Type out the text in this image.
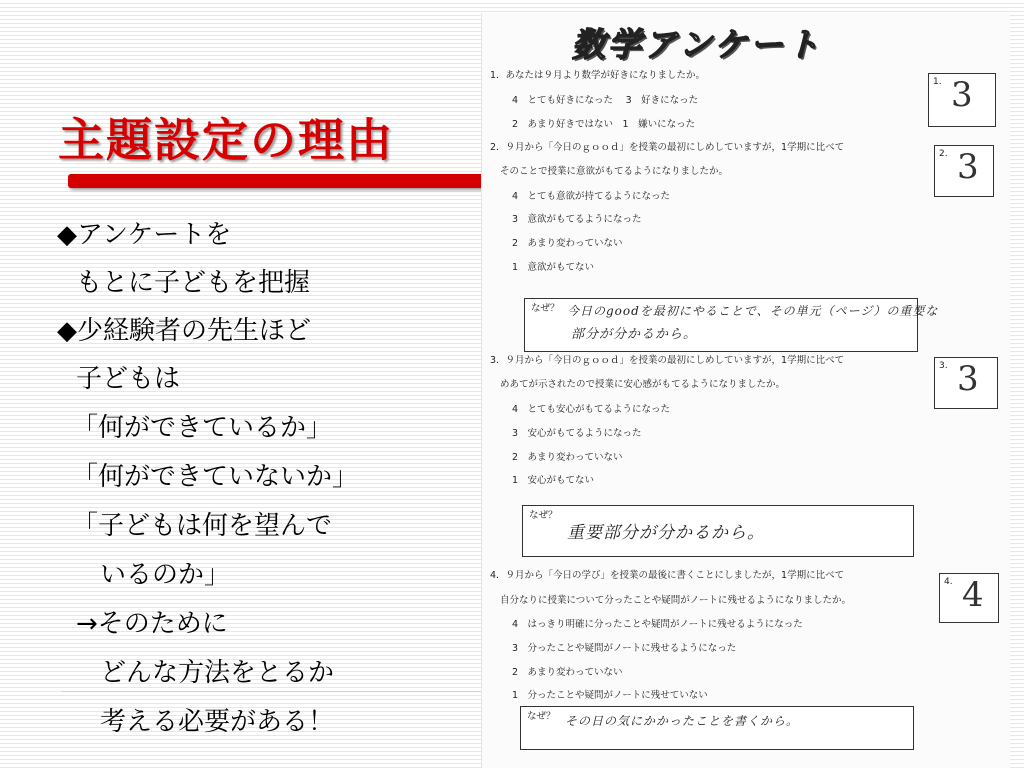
主題設定の理由
◆アンケートを
もとに子どもを把握
◆少経験者の先生ほど
子どもは
「何ができているか」
「何ができていないか」
「子どもは何を望んで
いるのか」
→そのために
どんな方法をとるか
考える必要がある！
数学アンケート
1．あなたは９月より数学が好きになりましたか。
4　とても好きになった　 3　好きになった
2　あまり好きではない　1　嫌いになった
1. 3
2．９月から「今日のｇｏｏｄ」を授業の最初にしめしていますが，1学期に比べて
そのことで授業に意欲がもてるようになりましたか。
4　とても意欲が持てるようになった
3　意欲がもてるようになった
2　あまり変わっていない
1　意欲がもてない
2. 3
なぜ？ 今日のgoodを最初にやることで、その単元（ページ）の重要な
部分が分かるから。
3．９月から「今日のｇｏｏｄ」を授業の最初にしめしていますが，1学期に比べて
めあてが示されたので授業に安心感がもてるようになりましたか。
4　とても安心がもてるようになった
3　安心がもてるようになった
2　あまり変わっていない
1　安心がもてない
3. 3
なぜ？
重要部分が分かるから。
4．９月から「今日の学び」を授業の最後に書くことにしましたが，1学期に比べて
自分なりに授業について分ったことや疑問がノートに残せるようになりましたか。
4　はっきり明確に分ったことや疑問がノートに残せるようになった
3　分ったことや疑問がノートに残せるようになった
2　あまり変わっていない
1　分ったことや疑問がノートに残せていない
4. 4
なぜ？ その日の気にかかったことを書くから。
